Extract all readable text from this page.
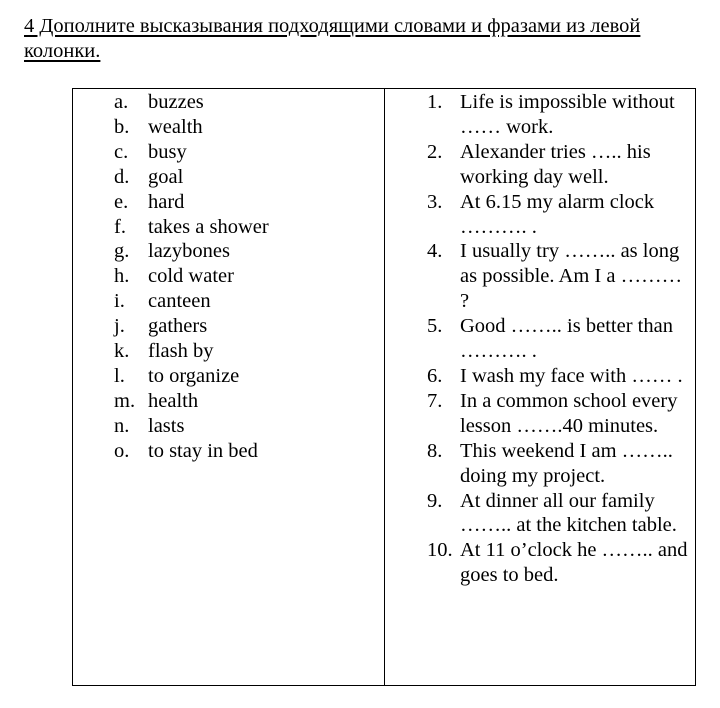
4 Дополните высказывания подходящими словами и фразами из левой колонки.
a. buzzes
b. wealth
c. busy
d. goal
e. hard
f.	takes a shower
g. lazybones
h. cold water
i.	canteen
j.	gathers
k. flash by
l.	to organize
m. health
n. lasts
o. to stay in bed
1. Life is impossible without …… work.
2. Alexander tries ….. his working day well.
3. At 6.15 my alarm clock ………. .
4. I usually try …….. as long as possible. Am I a ……… ?
5. Good …….. is better than ………. .
6. I wash my face with …… .
7. In a common school every lesson …….40 minutes.
8. This weekend I am …….. doing my project.
9. At dinner all our family …….. at the kitchen table.
10. At 11 o’clock he …….. and goes to bed.
